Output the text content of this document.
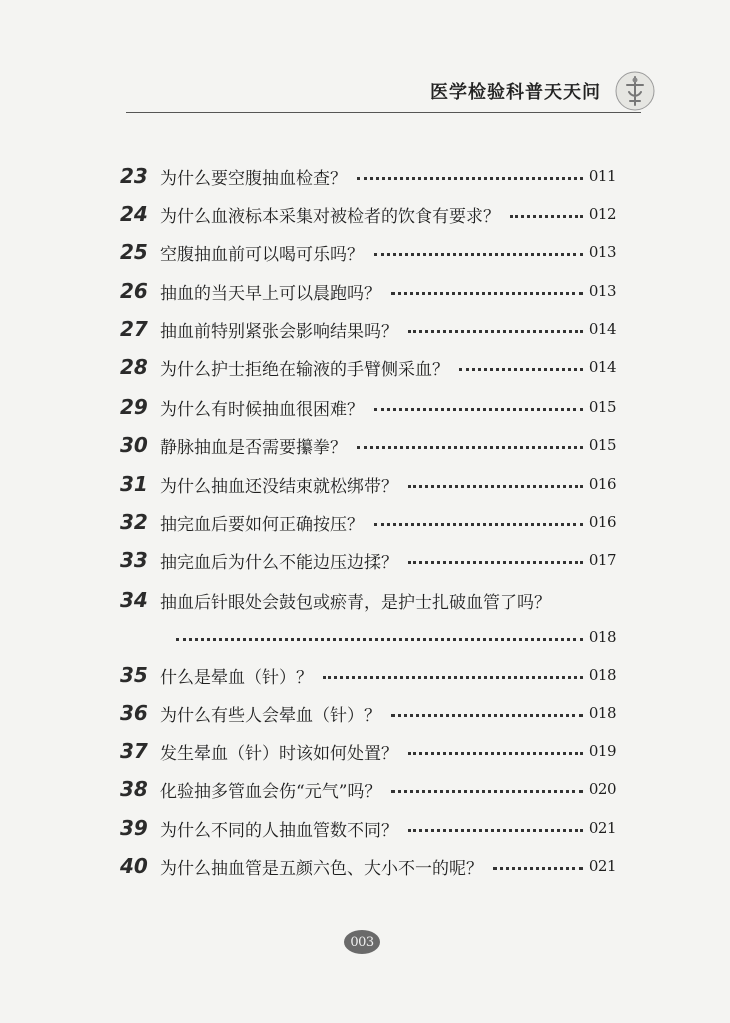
医学检验科普天天问
23 为什么要空腹抽血检查？	011
24 为什么血液标本采集对被检者的饮食有要求？	012
25 空腹抽血前可以喝可乐吗？	013
26 抽血的当天早上可以晨跑吗？	013
27 抽血前特别紧张会影响结果吗？	014
28 为什么护士拒绝在输液的手臂侧采血？	014
29 为什么有时候抽血很困难？	015
30 静脉抽血是否需要攥拳？	015
31 为什么抽血还没结束就松绑带？	016
32 抽完血后要如何正确按压？	016
33 抽完血后为什么不能边压边揉？	017
34 抽血后针眼处会鼓包或瘀青，是护士扎破血管了吗？
018
35 什么是晕血（针）？	018
36 为什么有些人会晕血（针）？	018
37 发生晕血（针）时该如何处置？	019
38 化验抽多管血会伤“元气”吗？	020
39 为什么不同的人抽血管数不同？	021
40 为什么抽血管是五颜六色、大小不一的呢？	021
003
